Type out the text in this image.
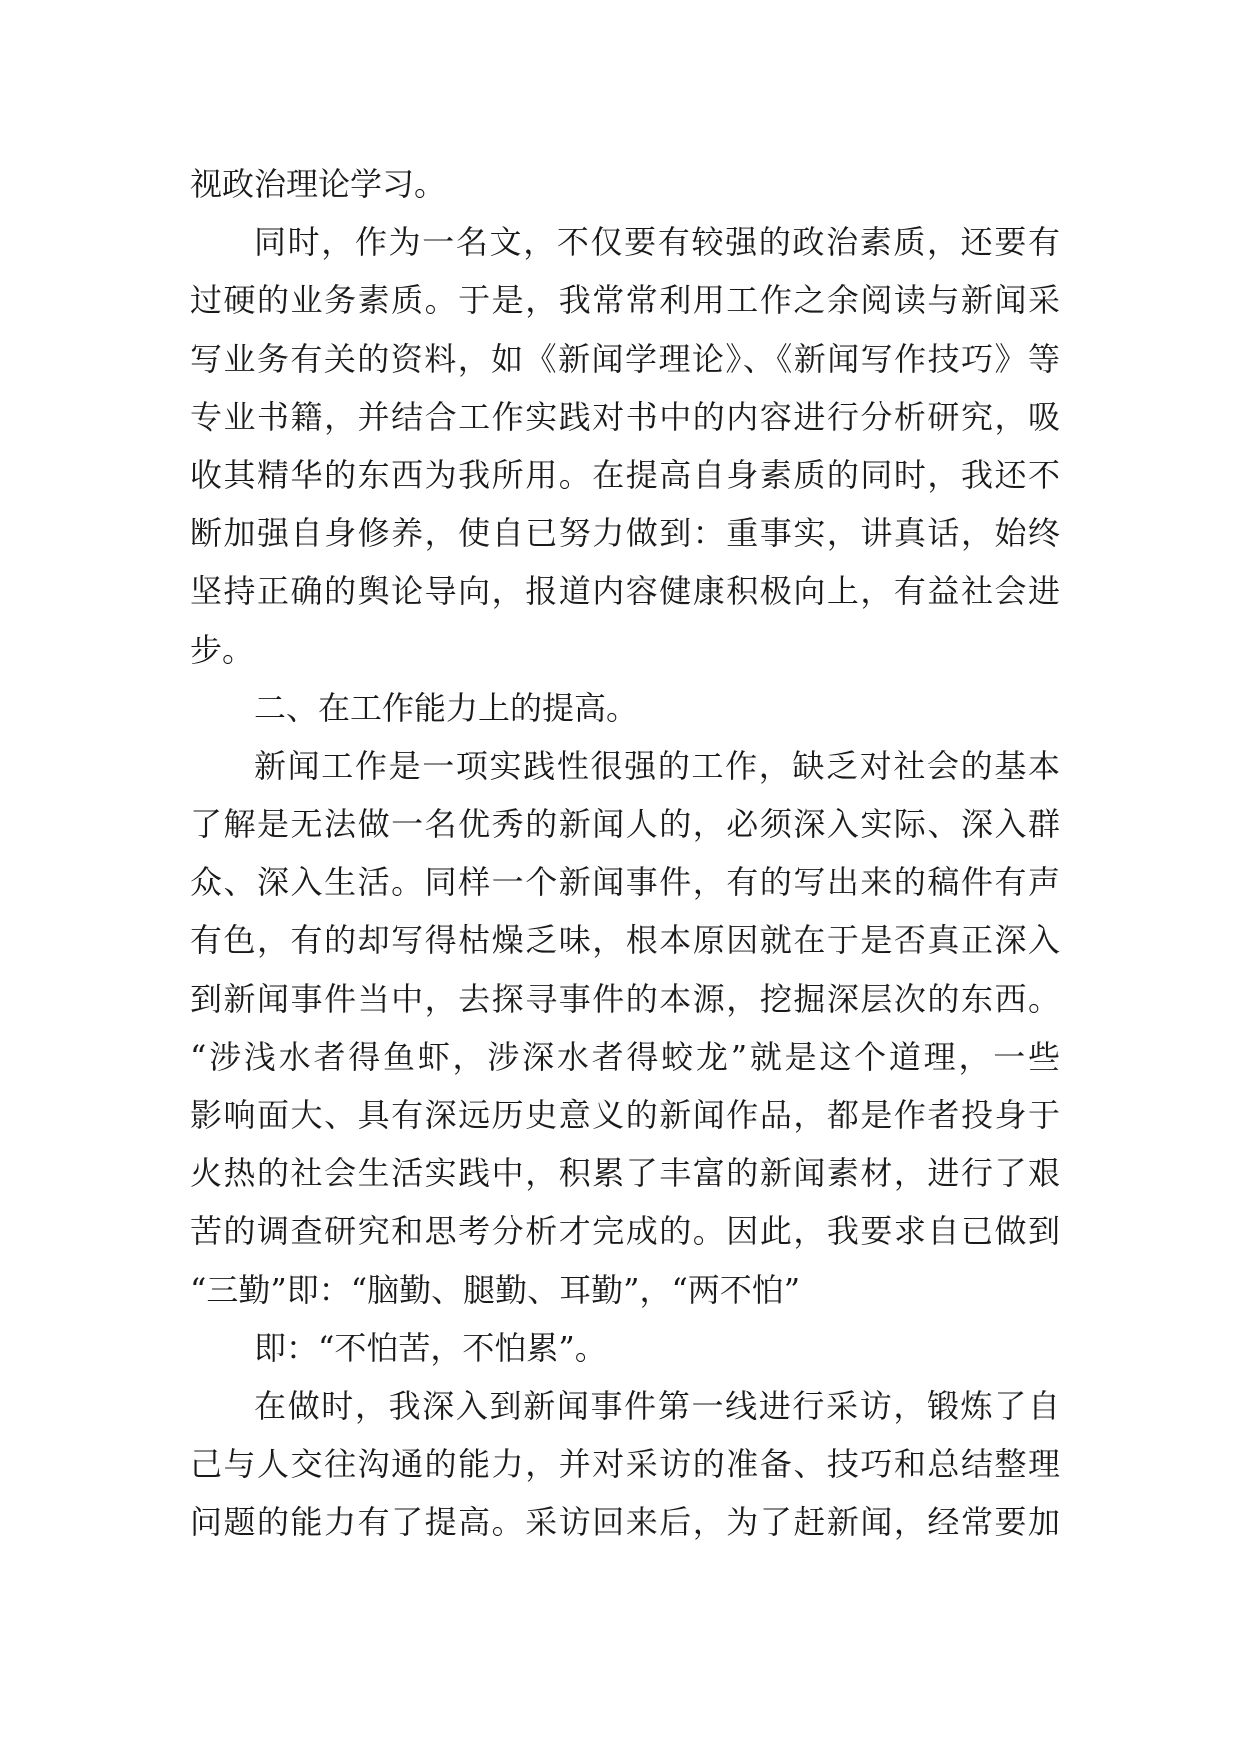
视政治理论学习。
同时，作为一名文，不仅要有较强的政治素质，还要有
过硬的业务素质。于是，我常常利用工作之余阅读与新闻采
写业务有关的资料，如《新闻学理论》、《新闻写作技巧》等
专业书籍，并结合工作实践对书中的内容进行分析研究，吸
收其精华的东西为我所用。在提高自身素质的同时，我还不
断加强自身修养，使自已努力做到：重事实，讲真话，始终
坚持正确的舆论导向，报道内容健康积极向上，有益社会进
步。
二、在工作能力上的提高。
新闻工作是一项实践性很强的工作，缺乏对社会的基本
了解是无法做一名优秀的新闻人的，必须深入实际、深入群
众、深入生活。同样一个新闻事件，有的写出来的稿件有声
有色，有的却写得枯燥乏味，根本原因就在于是否真正深入
到新闻事件当中，去探寻事件的本源，挖掘深层次的东西。
“涉浅水者得鱼虾，涉深水者得蛟龙”就是这个道理，一些
影响面大、具有深远历史意义的新闻作品，都是作者投身于
火热的社会生活实践中，积累了丰富的新闻素材，进行了艰
苦的调查研究和思考分析才完成的。因此，我要求自已做到
“三勤”即：“脑勤、腿勤、耳勤”，“两不怕”
即：“不怕苦，不怕累”。
在做时，我深入到新闻事件第一线进行采访，锻炼了自
己与人交往沟通的能力，并对采访的准备、技巧和总结整理
问题的能力有了提高。采访回来后，为了赶新闻，经常要加
